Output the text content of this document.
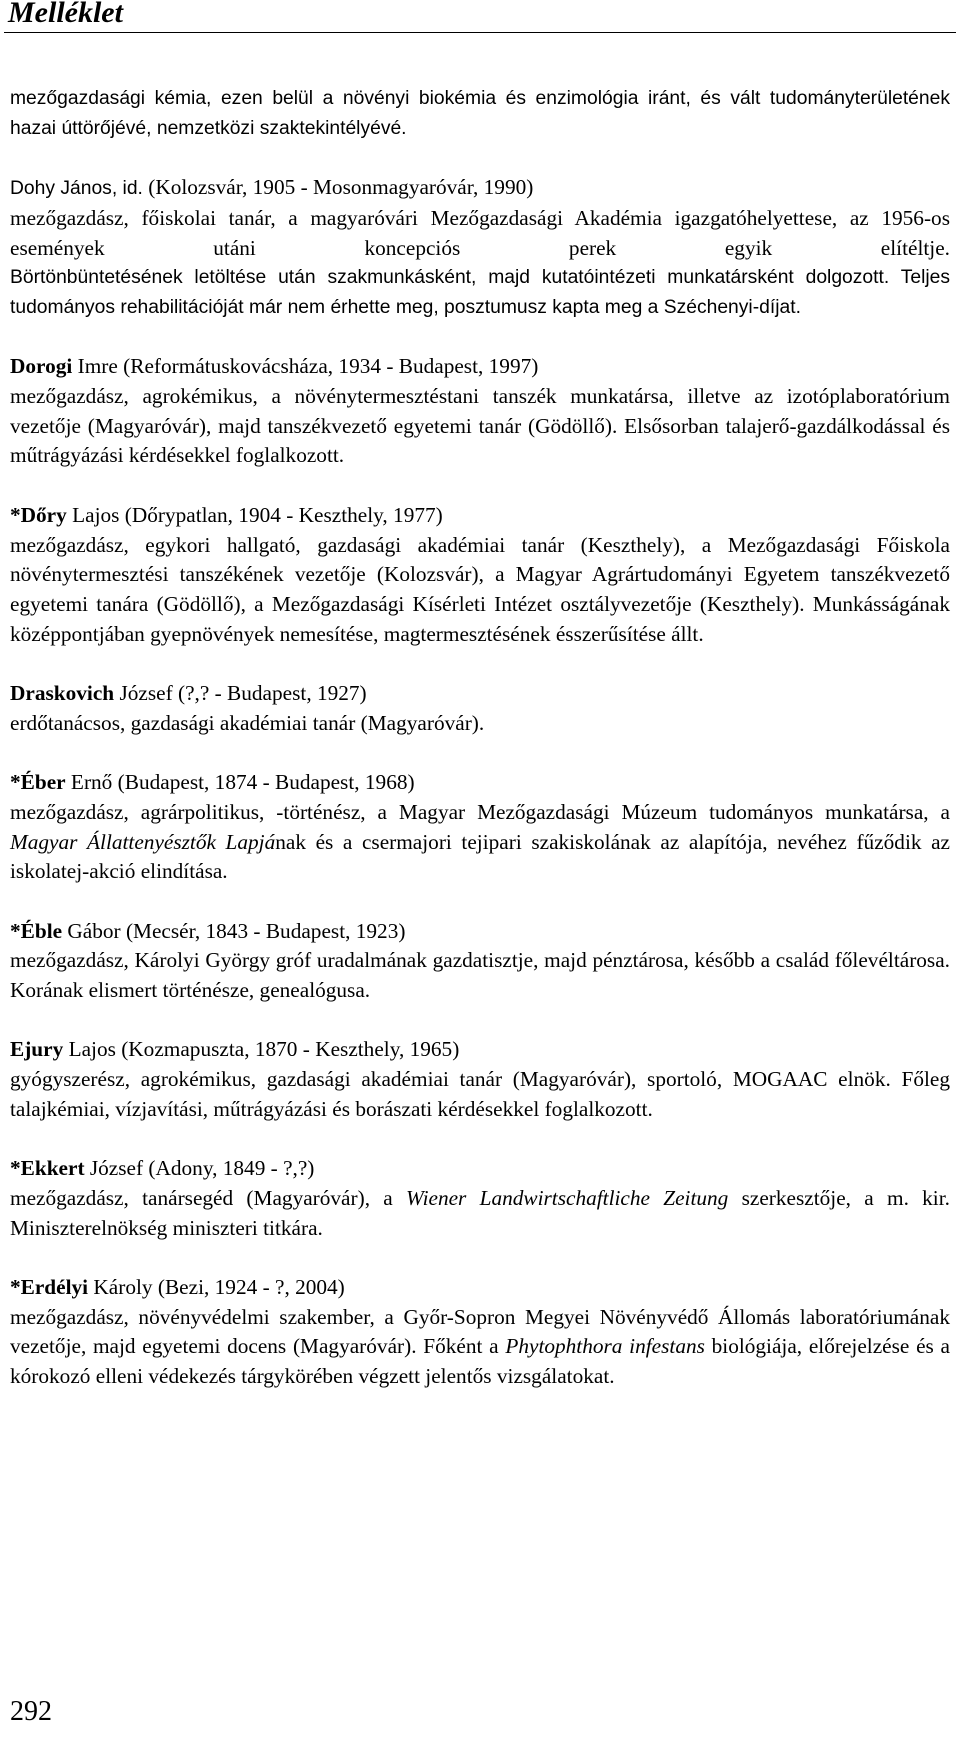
Melléklet

mezőgazdasági kémia, ezen belül a növényi biokémia és enzimológia iránt, és vált tudományterületének hazai úttörőjévé, nemzetközi szaktekintélyévé.

Dohy János, id. (Kolozsvár, 1905 - Mosonmagyaróvár, 1990)
mezőgazdász, főiskolai tanár, a magyaróvári Mezőgazdasági Akadémia igazgatóhelyettese, az 1956-os események utáni koncepciós perek egyik elítéltje.
Börtönbüntetésének letöltése után szakmunkásként, majd kutatóintézeti munkatársként dolgozott. Teljes tudományos rehabilitációját már nem érhette meg, posztumusz kapta meg a Széchenyi-díjat.
Dorogi Imre (Reformátuskovácsháza, 1934 - Budapest, 1997)
mezőgazdász, agrokémikus, a növénytermesztéstani tanszék munkatársa, illetve az izotóplaboratórium vezetője (Magyaróvár), majd tanszékvezető egyetemi tanár (Gödöllő). Elsősorban talajerő-gazdálkodással és műtrágyázási kérdésekkel foglalkozott.
*Dőry Lajos (Dőrypatlan, 1904 - Keszthely, 1977)
mezőgazdász, egykori hallgató, gazdasági akadémiai tanár (Keszthely), a Mezőgazdasági Főiskola növénytermesztési tanszékének vezetője (Kolozsvár), a Magyar Agrártudományi Egyetem tanszékvezető egyetemi tanára (Gödöllő), a Mezőgazdasági Kísérleti Intézet osztályvezetője (Keszthely). Munkásságának középpontjában gyepnövények nemesítése, magtermesztésének ésszerűsítése állt.
Draskovich József (?,? - Budapest, 1927)
erdőtanácsos, gazdasági akadémiai tanár (Magyaróvár).
*Éber Ernő (Budapest, 1874 - Budapest, 1968)
mezőgazdász, agrárpolitikus, -történész, a Magyar Mezőgazdasági Múzeum tudományos munkatársa, a Magyar Állattenyésztők Lapjának és a csermajori tejipari szakiskolának az alapítója, nevéhez fűződik az iskolatej-akció elindítása.
*Éble Gábor (Mecsér, 1843 - Budapest, 1923)
mezőgazdász, Károlyi György gróf uradalmának gazdatisztje, majd pénztárosa, később a család főlevéltárosa. Korának elismert történésze, genealógusa.
Ejury Lajos (Kozmapuszta, 1870 - Keszthely, 1965)
gyógyszerész, agrokémikus, gazdasági akadémiai tanár (Magyaróvár), sportoló, MOGAAC elnök. Főleg talajkémiai, vízjavítási, műtrágyázási és borászati kérdésekkel foglalkozott.
*Ekkert József (Adony, 1849 - ?,?)
mezőgazdász, tanársegéd (Magyaróvár), a Wiener Landwirtschaftliche Zeitung szerkesztője, a m. kir. Miniszterelnökség miniszteri titkára.
*Erdélyi Károly (Bezi, 1924 - ?, 2004)
mezőgazdász, növényvédelmi szakember, a Győr-Sopron Megyei Növényvédő Állomás laboratóriumának vezetője, majd egyetemi docens (Magyaróvár). Főként a Phytophthora infestans biológiája, előrejelzése és a kórokozó elleni védekezés tárgykörében végzett jelentős vizsgálatokat.
292
